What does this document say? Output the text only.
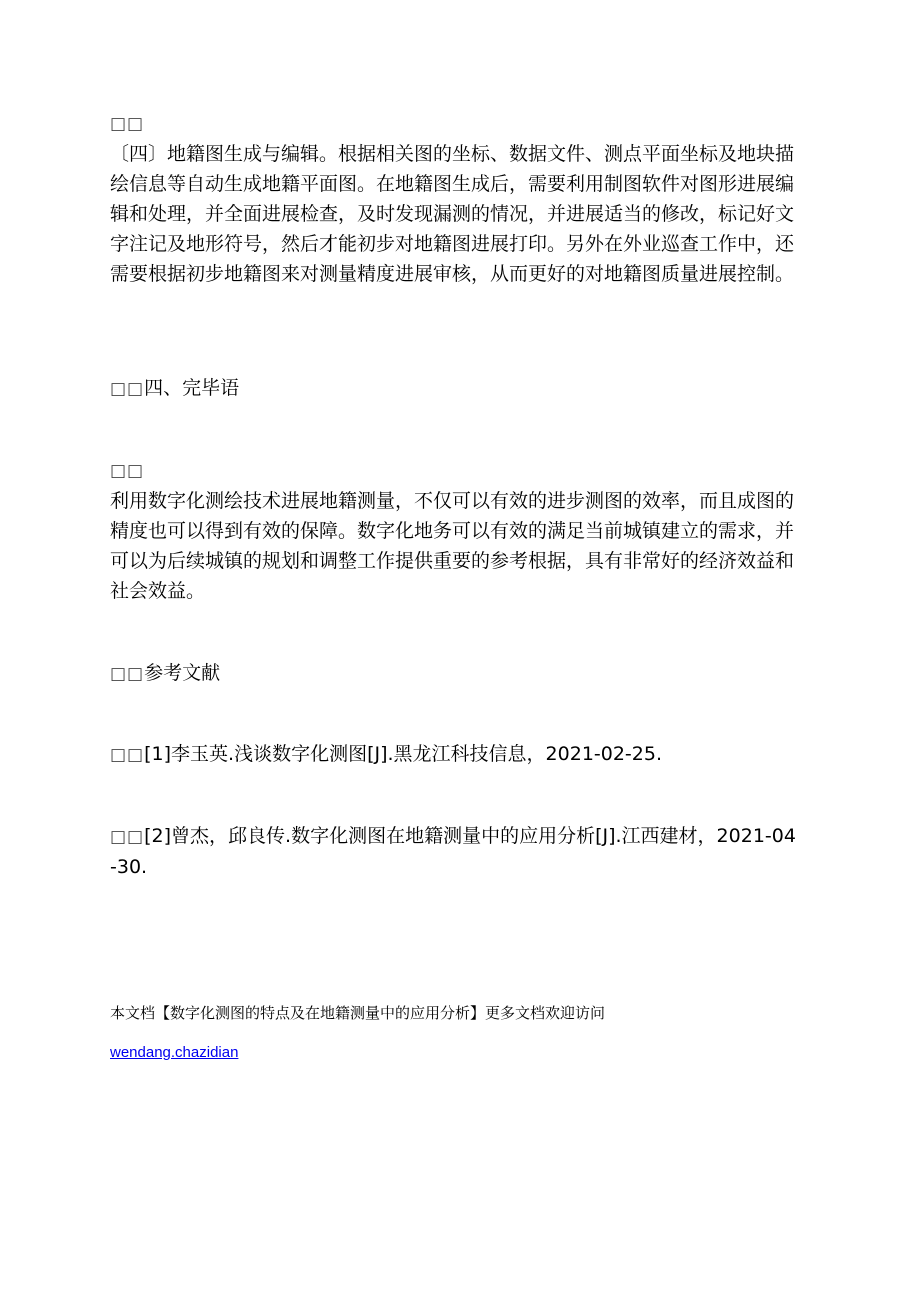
□□
〔四〕地籍图生成与编辑。根据相关图的坐标、数据文件、测点平面坐标及地块描绘信息等自动生成地籍平面图。在地籍图生成后，需要利用制图软件对图形进展编辑和处理，并全面进展检查，及时发现漏测的情况，并进展适当的修改，标记好文字注记及地形符号，然后才能初步对地籍图进展打印。另外在外业巡查工作中，还需要根据初步地籍图来对测量精度进展审核，从而更好的对地籍图质量进展控制。
□□四、完毕语
□□
利用数字化测绘技术进展地籍测量，不仅可以有效的进步测图的效率，而且成图的精度也可以得到有效的保障。数字化地务可以有效的满足当前城镇建立的需求，并可以为后续城镇的规划和调整工作提供重要的参考根据，具有非常好的经济效益和社会效益。
□□参考文献
□□[1]李玉英.浅谈数字化测图[J].黑龙江科技信息，2021-02-25.
□□[2]曾杰，邱良传.数字化测图在地籍测量中的应用分析[J].江西建材，2021-04-30.
本文档【数字化测图的特点及在地籍测量中的应用分析】更多文档欢迎访问
wendang.chazidian
